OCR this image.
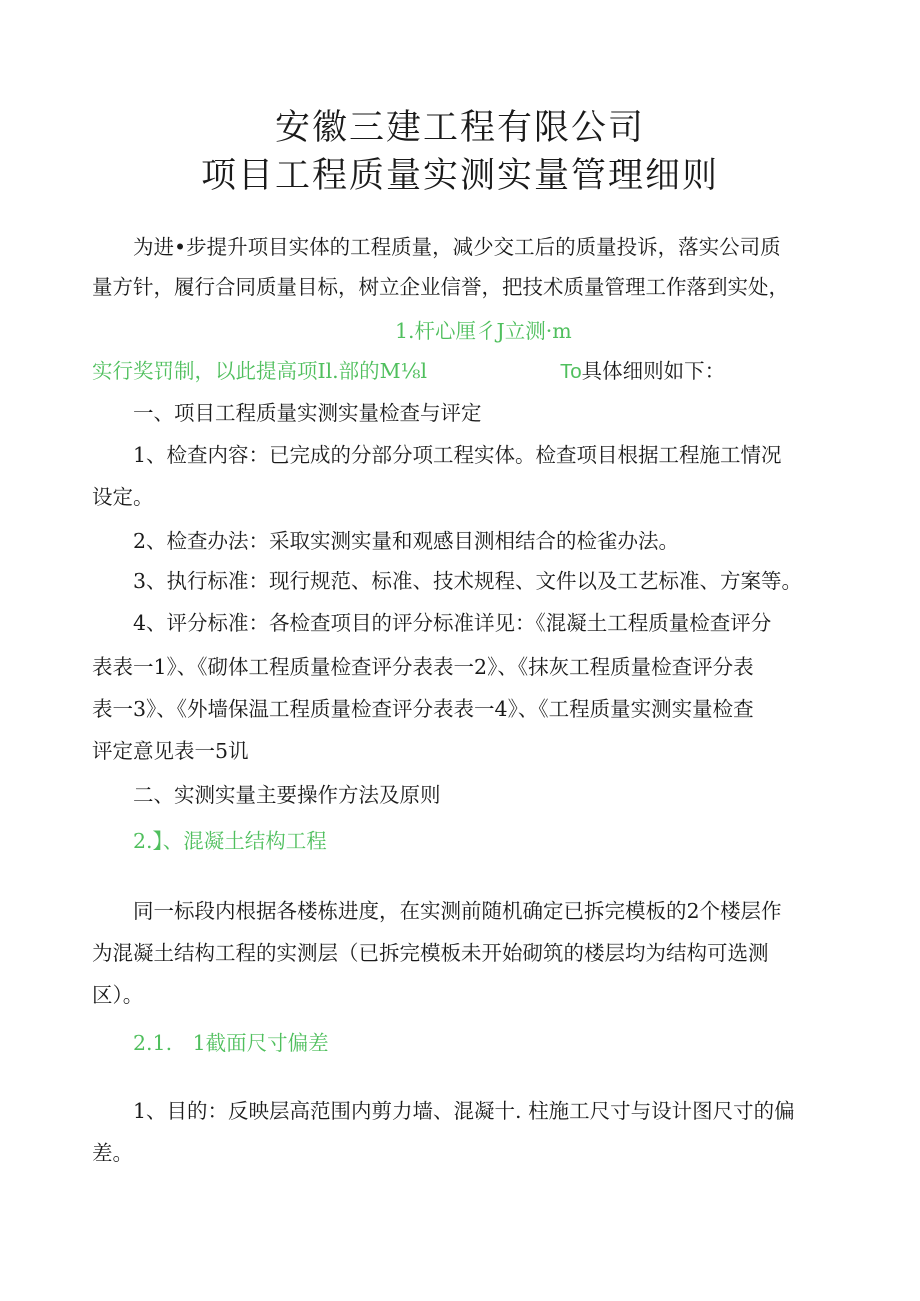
安徽三建工程有限公司
项目工程质量实测实量管理细则
为进•步提升项目实体的工程质量，减少交工后的质量投诉，落实公司质
量方针，履行合同质量目标，树立企业信誉，把技术质量管理工作落到实处，
1.杆心厘彳J立测·m
实行奖罚制，以此提高项Il.部的M⅛l	To具体细则如下：
一、项目工程质量实测实量检查与评定
1、检查内容：已完成的分部分项工程实体。检查项目根据工程施工情况
设定。
2、检查办法：采取实测实量和观感目测相结合的检雀办法。
3、执行标准：现行规范、标准、技术规程、文件以及工艺标准、方案等。
4、评分标准：各检查项目的评分标准详见：《混凝土工程质量检查评分
表表一1》、《砌体工程质量检查评分表表一2》、《抹灰工程质量检查评分表
表一3》、《外墙保温工程质量检查评分表表一4》、《工程质量实测实量检查
评定意见表一5讥
二、实测实量主要操作方法及原则
2.】、混凝土结构工程
同一标段内根据各楼栋进度，在实测前随机确定已拆完模板的2个楼层作
为混凝土结构工程的实测层（已拆完模板未开始砌筑的楼层均为结构可选测
区）。
2.1.　1截面尺寸偏差
1、目的：反映层高范围内剪力墙、混凝十. 柱施工尺寸与设计图尺寸的偏
差。
